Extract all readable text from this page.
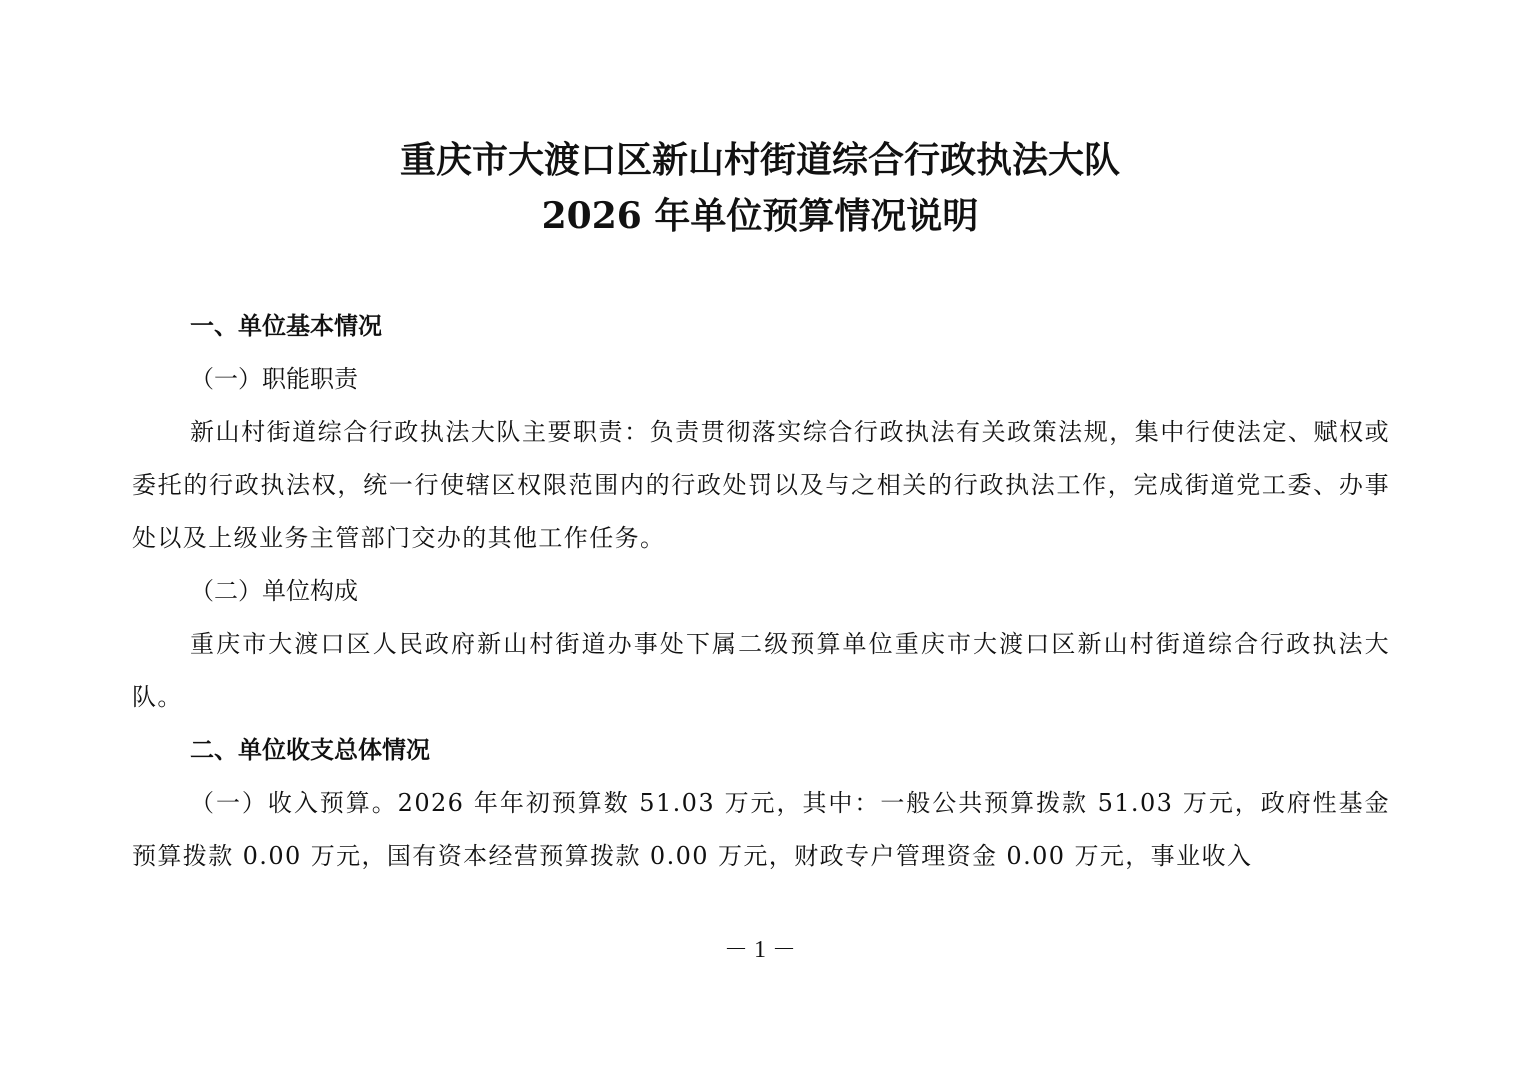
重庆市大渡口区新山村街道综合行政执法大队
2026 年单位预算情况说明

一、单位基本情况

（一）职能职责

新山村街道综合行政执法大队主要职责：负责贯彻落实综合行政执法有关政策法规，集中行使法定、赋权或委托的行政执法权，统一行使辖区权限范围内的行政处罚以及与之相关的行政执法工作，完成街道党工委、办事处以及上级业务主管部门交办的其他工作任务。

（二）单位构成

重庆市大渡口区人民政府新山村街道办事处下属二级预算单位重庆市大渡口区新山村街道综合行政执法大队。

二、单位收支总体情况

（一）收入预算。2026 年年初预算数 51.03 万元，其中：一般公共预算拨款 51.03 万元，政府性基金预算拨款 0.00 万元，国有资本经营预算拨款 0.00 万元，财政专户管理资金 0.00 万元，事业收入

－ 1 －
